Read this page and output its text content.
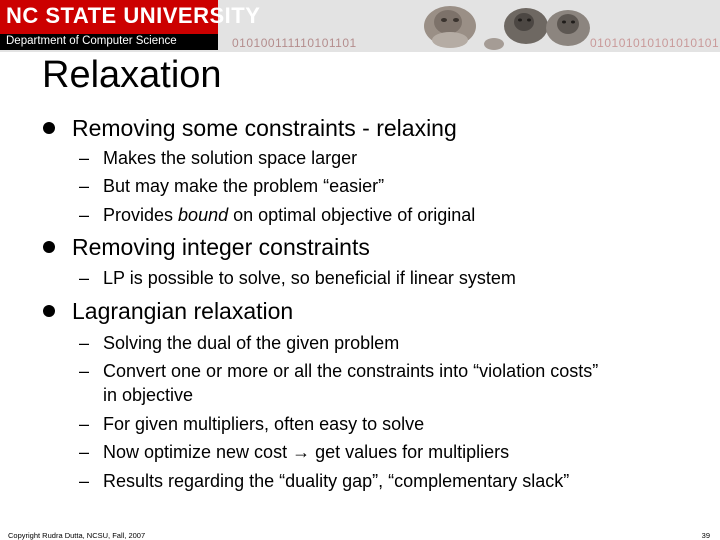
NC STATE UNIVERSITY
Department of Computer Science	010100111110101101	010101010101010101
Relaxation
Removing some constraints - relaxing
– Makes the solution space larger
– But may make the problem “easier”
– Provides bound on optimal objective of original
Removing integer constraints
– LP is possible to solve, so beneficial if linear system
Lagrangian relaxation
– Solving the dual of the given problem
– Convert one or more or all the constraints into “violation costs”
in objective
– For given multipliers, often easy to solve
– Now optimize new cost → get values for multipliers
– Results regarding the “duality gap”, “complementary slack”
Copyright Rudra Dutta, NCSU, Fall, 2007	39
